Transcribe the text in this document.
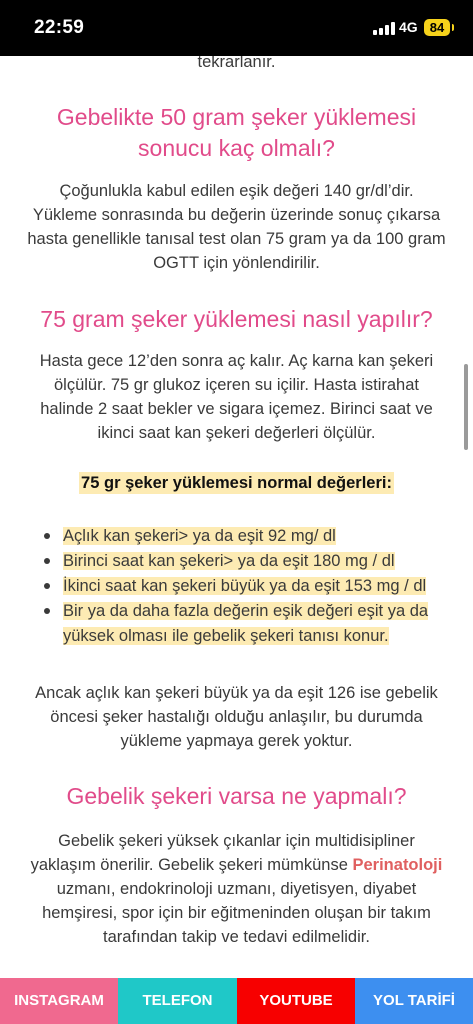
22:59	4G 84
tekrarlanır.
Gebelikte 50 gram şeker yüklemesi
sonucu kaç olmalı?
Çoğunlukla kabul edilen eşik değeri 140 gr/dl’dir.
Yükleme sonrasında bu değerin üzerinde sonuç çıkarsa
hasta genellikle tanısal test olan 75 gram ya da 100 gram
OGTT için yönlendirilir.
75 gram şeker yüklemesi nasıl yapılır?
Hasta gece 12’den sonra aç kalır. Aç karna kan şekeri
ölçülür. 75 gr glukoz içeren su içilir. Hasta istirahat
halinde 2 saat bekler ve sigara içemez. Birinci saat ve
ikinci saat kan şekeri değerleri ölçülür.
75 gr şeker yüklemesi normal değerleri:
Açlık kan şekeri> ya da eşit 92 mg/ dl
Birinci saat kan şekeri> ya da eşit 180 mg / dl
İkinci saat kan şekeri büyük ya da eşit 153 mg / dl
Bir ya da daha fazla değerin eşik değeri eşit ya da
yüksek olması ile gebelik şekeri tanısı konur.
Ancak açlık kan şekeri büyük ya da eşit 126 ise gebelik
öncesi şeker hastalığı olduğu anlaşılır, bu durumda
yükleme yapmaya gerek yoktur.
Gebelik şekeri varsa ne yapmalı?
Gebelik şekeri yüksek çıkanlar için multidisipliner
yaklaşım önerilir. Gebelik şekeri mümkünse Perinatoloji
uzmanı, endokrinoloji uzmanı, diyetisyen, diyabet
hemşiresi, spor için bir eğitmeninden oluşan bir takım
tarafından takip ve tedavi edilmelidir.
INSTAGRAM	TELEFON	YOUTUBE	YOL TARİFİ
